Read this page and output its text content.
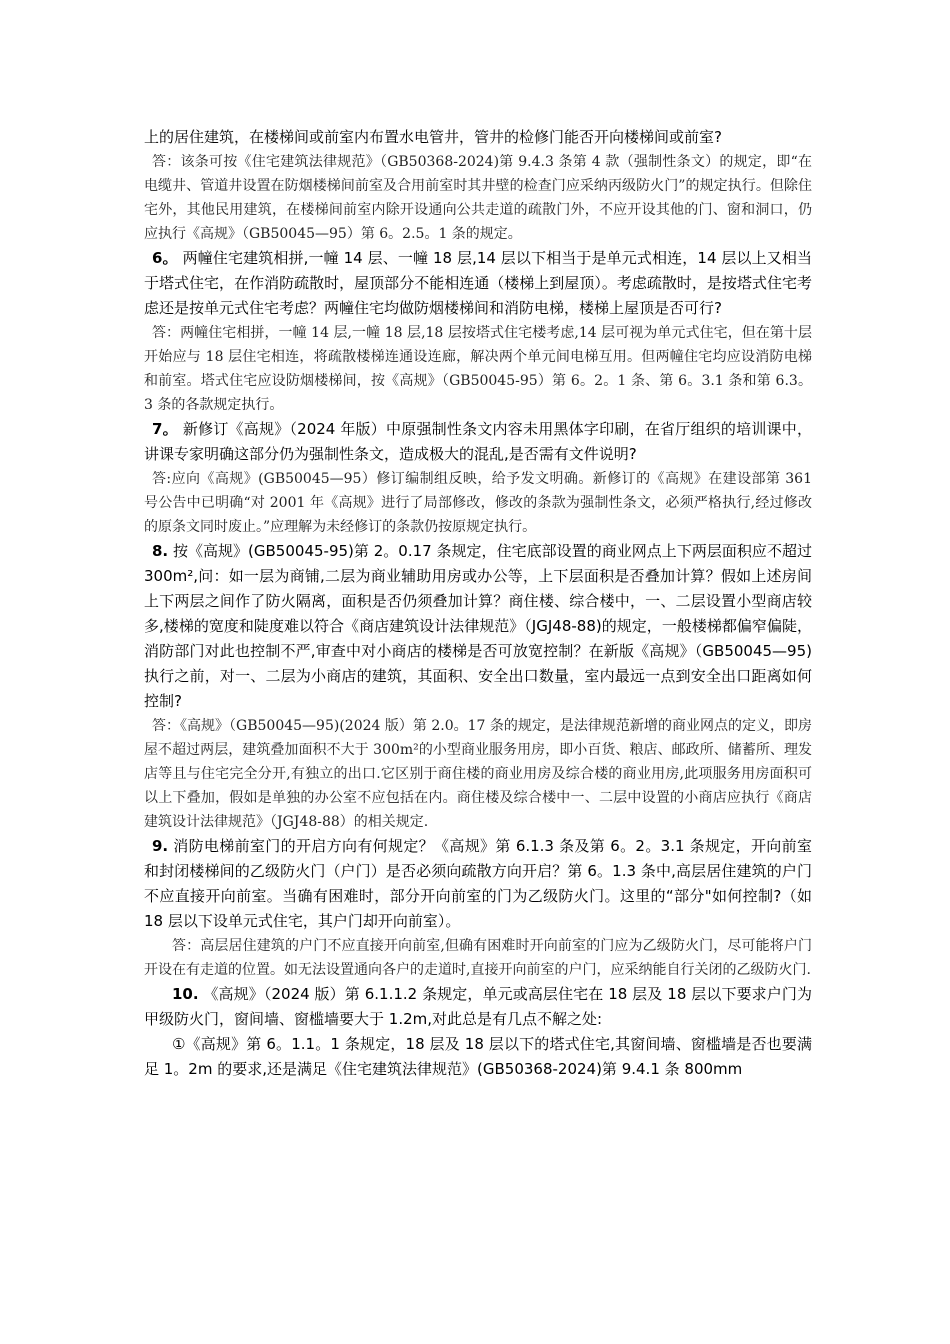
上的居住建筑，在楼梯间或前室内布置水电管井，管井的检修门能否开向楼梯间或前室?

答：该条可按《住宅建筑法律规范》（GB50368-2024)第 9.4.3 条第 4 款（强制性条文）的规定，即“在电缆井、管道井设置在防烟楼梯间前室及合用前室时其井壁的检查门应采纳丙级防火门”的规定执行。但除住宅外，其他民用建筑，在楼梯间前室内除开设通向公共走道的疏散门外，不应开设其他的门、窗和洞口，仍应执行《高规》（GB50045—95）第 6。2.5。1 条的规定。

6。 两幢住宅建筑相拼,一幢 14 层、一幢 18 层,14 层以下相当于是单元式相连，14 层以上又相当于塔式住宅，在作消防疏散时，屋顶部分不能相连通（楼梯上到屋顶）。考虑疏散时，是按塔式住宅考虑还是按单元式住宅考虑？两幢住宅均做防烟楼梯间和消防电梯，楼梯上屋顶是否可行?

答：两幢住宅相拼，一幢 14 层,一幢 18 层,18 层按塔式住宅楼考虑,14 层可视为单元式住宅，但在第十层开始应与 18 层住宅相连，将疏散楼梯连通设连廊，解决两个单元间电梯互用。但两幢住宅均应设消防电梯和前室。塔式住宅应设防烟楼梯间，按《高规》（GB50045-95）第 6。2。1 条、第 6。3.1 条和第 6.3。3 条的各款规定执行。

7。 新修订《高规》（2024 年版）中原强制性条文内容未用黑体字印刷，在省厅组织的培训课中，讲课专家明确这部分仍为强制性条文，造成极大的混乱,是否需有文件说明?

答:应向《高规》(GB50045—95）修订编制组反映，给予发文明确。新修订的《高规》在建设部第 361 号公告中已明确“对 2001 年《高规》进行了局部修改，修改的条款为强制性条文，必须严格执行,经过修改的原条文同时废止。”应理解为未经修订的条款仍按原规定执行。

8. 按《高规》(GB50045-95)第 2。0.17 条规定，住宅底部设置的商业网点上下两层面积应不超过 300m²,问：如一层为商铺,二层为商业辅助用房或办公等，上下层面积是否叠加计算？假如上述房间上下两层之间作了防火隔离，面积是否仍须叠加计算？商住楼、综合楼中，一、二层设置小型商店较多,楼梯的宽度和陡度难以符合《商店建筑设计法律规范》（JGJ48-88)的规定，一般楼梯都偏窄偏陡，消防部门对此也控制不严,审查中对小商店的楼梯是否可放宽控制？在新版《高规》（GB50045—95)执行之前，对一、二层为小商店的建筑，其面积、安全出口数量，室内最远一点到安全出口距离如何控制?

答：《高规》（GB50045—95)(2024 版）第 2.0。17 条的规定，是法律规范新增的商业网点的定义，即房屋不超过两层，建筑叠加面积不大于 300m²的小型商业服务用房，即小百货、粮店、邮政所、储蓄所、理发店等且与住宅完全分开,有独立的出口.它区别于商住楼的商业用房及综合楼的商业用房,此项服务用房面积可以上下叠加，假如是单独的办公室不应包括在内。商住楼及综合楼中一、二层中设置的小商店应执行《商店建筑设计法律规范》（JGJ48-88）的相关规定.

9. 消防电梯前室门的开启方向有何规定？《高规》第 6.1.3 条及第 6。2。3.1 条规定，开向前室和封闭楼梯间的乙级防火门（户门）是否必须向疏散方向开启？第 6。1.3 条中,高层居住建筑的户门不应直接开向前室。当确有困难时，部分开向前室的门为乙级防火门。这里的“部分"如何控制?（如 18 层以下设单元式住宅，其户门却开向前室）。

答：高层居住建筑的户门不应直接开向前室,但确有困难时开向前室的门应为乙级防火门，尽可能将户门开设在有走道的位置。如无法设置通向各户的走道时,直接开向前室的户门，应采纳能自行关闭的乙级防火门.

10. 《高规》（2024 版）第 6.1.1.2 条规定，单元或高层住宅在 18 层及 18 层以下要求户门为甲级防火门，窗间墙、窗槛墙要大于 1.2m,对此总是有几点不解之处:

①《高规》第 6。1.1。1 条规定，18 层及 18 层以下的塔式住宅,其窗间墙、窗槛墙是否也要满足 1。2m 的要求,还是满足《住宅建筑法律规范》(GB50368-2024)第 9.4.1 条 800mm
